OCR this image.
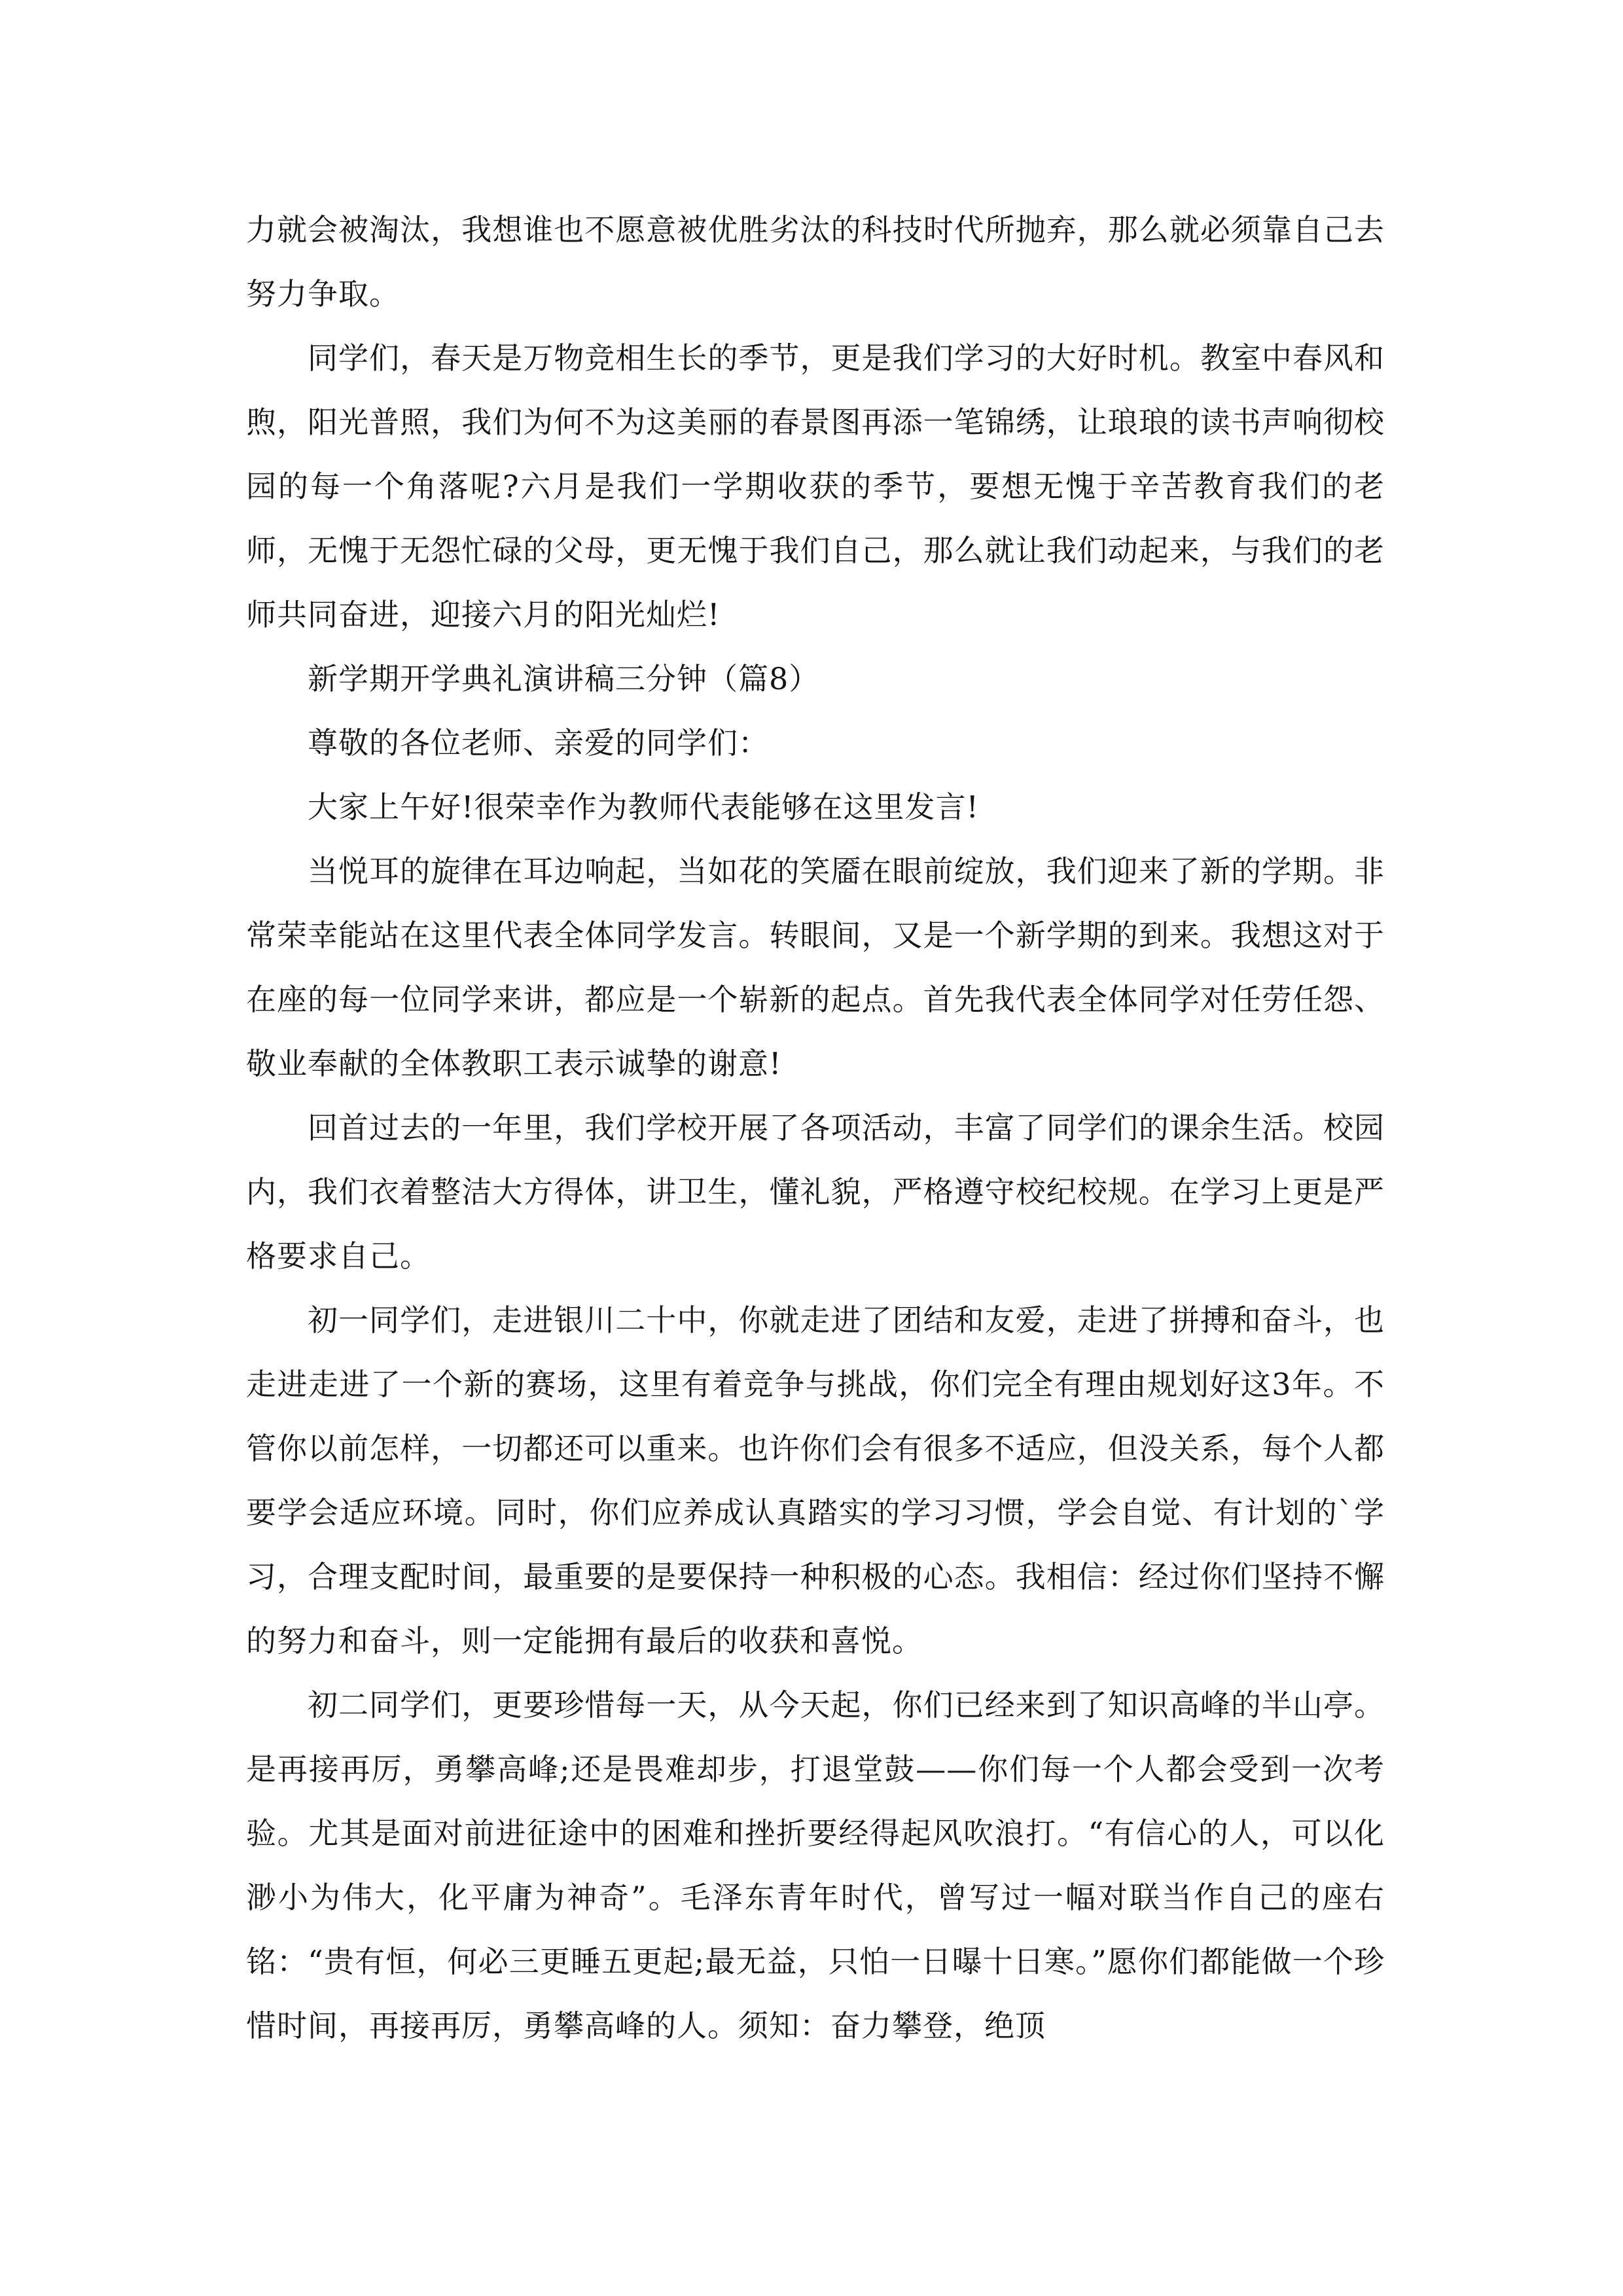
力就会被淘汰，我想谁也不愿意被优胜劣汰的科技时代所抛弃，那么就必须靠自己去努力争取。

同学们，春天是万物竞相生长的季节，更是我们学习的大好时机。教室中春风和煦，阳光普照，我们为何不为这美丽的春景图再添一笔锦绣，让琅琅的读书声响彻校园的每一个角落呢?六月是我们一学期收获的季节，要想无愧于辛苦教育我们的老师，无愧于无怨忙碌的父母，更无愧于我们自己，那么就让我们动起来，与我们的老师共同奋进，迎接六月的阳光灿烂!

新学期开学典礼演讲稿三分钟（篇8）

尊敬的各位老师、亲爱的同学们：

大家上午好!很荣幸作为教师代表能够在这里发言!

当悦耳的旋律在耳边响起，当如花的笑靥在眼前绽放，我们迎来了新的学期。非常荣幸能站在这里代表全体同学发言。转眼间，又是一个新学期的到来。我想这对于在座的每一位同学来讲，都应是一个崭新的起点。首先我代表全体同学对任劳任怨、敬业奉献的全体教职工表示诚挚的谢意!

回首过去的一年里，我们学校开展了各项活动，丰富了同学们的课余生活。校园内，我们衣着整洁大方得体，讲卫生，懂礼貌，严格遵守校纪校规。在学习上更是严格要求自己。

初一同学们，走进银川二十中，你就走进了团结和友爱，走进了拼搏和奋斗，也走进走进了一个新的赛场，这里有着竞争与挑战，你们完全有理由规划好这3年。不管你以前怎样，一切都还可以重来。也许你们会有很多不适应，但没关系，每个人都要学会适应环境。同时，你们应养成认真踏实的学习习惯，学会自觉、有计划的`学习，合理支配时间，最重要的是要保持一种积极的心态。我相信：经过你们坚持不懈的努力和奋斗，则一定能拥有最后的收获和喜悦。

初二同学们，更要珍惜每一天，从今天起，你们已经来到了知识高峰的半山亭。是再接再厉，勇攀高峰;还是畏难却步，打退堂鼓——你们每一个人都会受到一次考验。尤其是面对前进征途中的困难和挫折要经得起风吹浪打。“有信心的人，可以化渺小为伟大，化平庸为神奇”。毛泽东青年时代，曾写过一幅对联当作自己的座右铭：“贵有恒，何必三更睡五更起;最无益，只怕一日曝十日寒。”愿你们都能做一个珍惜时间，再接再厉，勇攀高峰的人。须知：奋力攀登，绝顶
